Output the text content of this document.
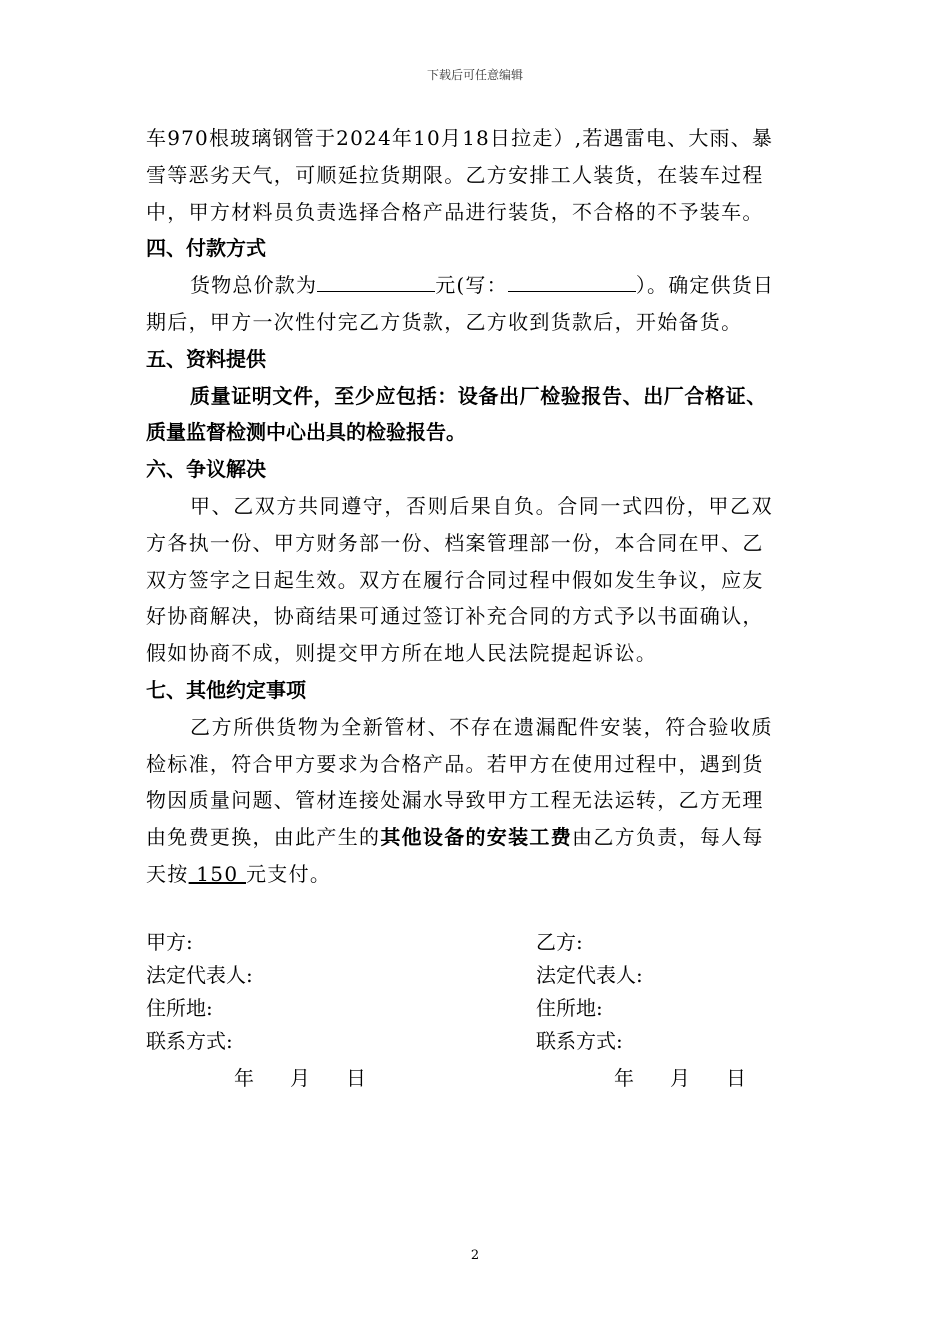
下载后可任意编辑

车970根玻璃钢管于2024年10月18日拉走）,若遇雷电、大雨、暴

雪等恶劣天气，可顺延拉货期限。乙方安排工人装货，在装车过程

中，甲方材料员负责选择合格产品进行装货，不合格的不予装车。

四、付款方式

货物总价款为	元(写：	）。确定供货日

期后，甲方一次性付完乙方货款，乙方收到货款后，开始备货。

五、资料提供

质量证明文件，至少应包括：设备出厂检验报告、出厂合格证、

质量监督检测中心出具的检验报告。

六、争议解决

甲、乙双方共同遵守，否则后果自负。合同一式四份，甲乙双

方各执一份、甲方财务部一份、档案管理部一份，本合同在甲、乙

双方签字之日起生效。双方在履行合同过程中假如发生争议，应友

好协商解决，协商结果可通过签订补充合同的方式予以书面确认，

假如协商不成，则提交甲方所在地人民法院提起诉讼。

七、其他约定事项

乙方所供货物为全新管材、不存在遗漏配件安装，符合验收质

检标准，符合甲方要求为合格产品。若甲方在使用过程中，遇到货

物因质量问题、管材连接处漏水导致甲方工程无法运转，乙方无理

由免费更换，由此产生的其他设备的安装工费由乙方负责，每人每

天按 150 元支付。

甲方:
法定代表人:
住所地:
联系方式:
年 月 日
乙方:
法定代表人:
住所地:
联系方式:
年 月 日
2
